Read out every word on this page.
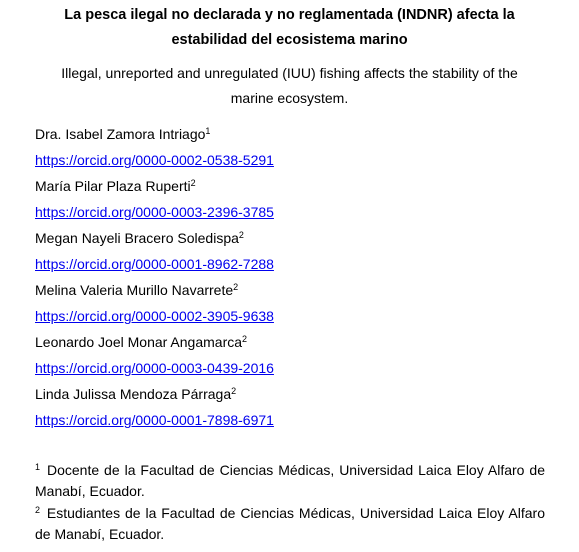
La pesca ilegal no declarada y no reglamentada (INDNR) afecta la estabilidad del ecosistema marino
Illegal, unreported and unregulated (IUU) fishing affects the stability of the marine ecosystem.
Dra. Isabel Zamora Intriago$^1$
https://orcid.org/0000-0002-0538-5291
María Pilar Plaza Ruperti$^2$
https://orcid.org/0000-0003-2396-3785
Megan Nayeli Bracero Soledispa$^2$
https://orcid.org/0000-0001-8962-7288
Melina Valeria Murillo Navarrete$^2$
https://orcid.org/0000-0002-3905-9638
Leonardo Joel Monar Angamarca$^2$
https://orcid.org/0000-0003-0439-2016
Linda Julissa Mendoza Párraga$^2$
https://orcid.org/0000-0001-7898-6971
$^1$ Docente de la Facultad de Ciencias Médicas, Universidad Laica Eloy Alfaro de Manabí, Ecuador.
$^2$ Estudiantes de la Facultad de Ciencias Médicas, Universidad Laica Eloy Alfaro de Manabí, Ecuador.
